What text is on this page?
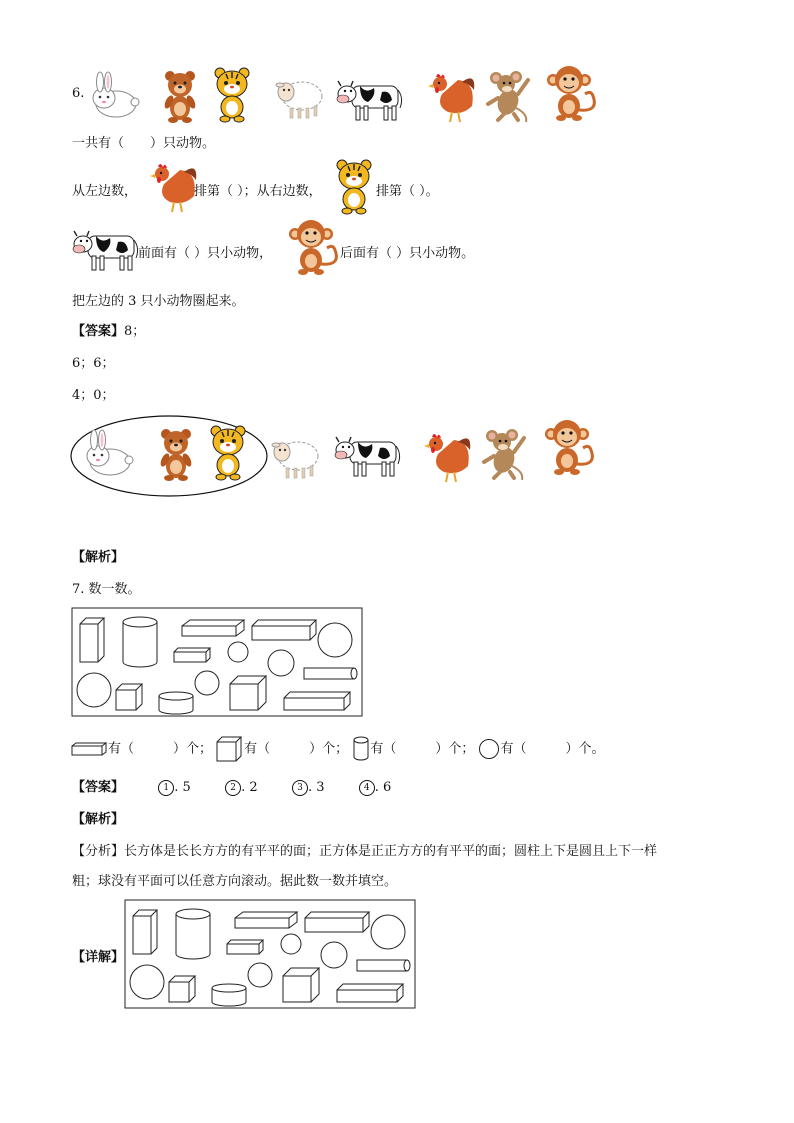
6.
一共有（　　）只动物。
从左边数，	排第（ ）；从右边数，	排第（ ）。
前面有（ ）只小动物，	后面有（ ）只小动物。
把左边的 3 只小动物圈起来。
【答案】8；
6；6；
4；0；
【解析】
7. 数一数。
有（　　　）个； 有（　　　）个； 有（　　　）个； 有（　　　）个。
【答案】	1 . 5	2 . 2	3 . 3	4 . 6
【解析】
【分析】长方体是长长方方的有平平的面；正方体是正正方方的有平平的面；圆柱上下是圆且上下一样
粗；球没有平面可以任意方向滚动。据此数一数并填空。
【详解】
